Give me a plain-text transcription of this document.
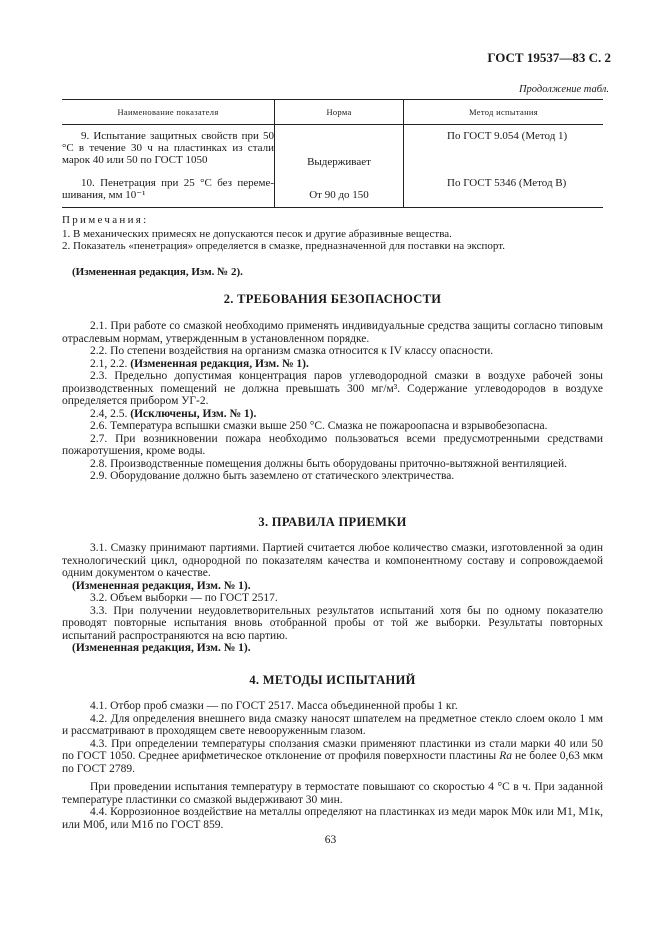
ГОСТ 19537—83 С. 2
Продолжение табл.
Наименование показателя	Норма	Метод испытания

9. Испытание защитных свойств при 50 °С в течение 30 ч на пластинках из стали марок 40 или 50 по ГОСТ 1050	Выдерживает	По ГОСТ 9.054 (Метод 1)

10. Пенетрация при 25 °С без переме-шивания, мм 10⁻¹	От 90 до 150	По ГОСТ 5346 (Метод В)
Примечания:
1. В механических примесях не допускаются песок и другие абразивные вещества.
2. Показатель «пенетрация» определяется в смазке, предназначенной для поставки на экспорт.
(Измененная редакция, Изм. № 2).
2. ТРЕБОВАНИЯ БЕЗОПАСНОСТИ

2.1. При работе со смазкой необходимо применять индивидуальные средства защиты согласно типовым отраслевым нормам, утвержденным в установленном порядке.

2.2. По степени воздействия на организм смазка относится к IV классу опасности.

2.1, 2.2. (Измененная редакция, Изм. № 1).

2.3. Предельно допустимая концентрация паров углеводородной смазки в воздухе рабочей зоны производственных помещений не должна превышать 300 мг/м³. Содержание углеводородов в воздухе определяется прибором УГ-2.

2.4, 2.5. (Исключены, Изм. № 1).

2.6. Температура вспышки смазки выше 250 °С. Смазка не пожароопасна и взрывобезопасна.

2.7. При возникновении пожара необходимо пользоваться всеми предусмотренными средствами пожаротушения, кроме воды.

2.8. Производственные помещения должны быть оборудованы приточно-вытяжной вентиляцией.

2.9. Оборудование должно быть заземлено от статического электричества.

3. ПРАВИЛА ПРИЕМКИ

3.1. Смазку принимают партиями. Партией считается любое количество смазки, изготовленной за один технологический цикл, однородной по показателям качества и компонентному составу и сопровождаемой одним документом о качестве.

(Измененная редакция, Изм. № 1).

3.2. Объем выборки — по ГОСТ 2517.

3.3. При получении неудовлетворительных результатов испытаний хотя бы по одному показателю проводят повторные испытания вновь отобранной пробы от той же выборки. Результаты повторных испытаний распространяются на всю партию.

(Измененная редакция, Изм. № 1).

4. МЕТОДЫ ИСПЫТАНИЙ

4.1. Отбор проб смазки — по ГОСТ 2517. Масса объединенной пробы 1 кг.

4.2. Для определения внешнего вида смазку наносят шпателем на предметное стекло слоем около 1 мм и рассматривают в проходящем свете невооруженным глазом.

4.3. При определении температуры сползания смазки применяют пластинки из стали марки 40 или 50 по ГОСТ 1050. Среднее арифметическое отклонение от профиля поверхности пластины Ra не более 0,63 мкм по ГОСТ 2789.

При проведении испытания температуру в термостате повышают со скоростью 4 °С в ч. При заданной температуре пластинки со смазкой выдерживают 30 мин.

4.4. Коррозионное воздействие на металлы определяют на пластинках из меди марок М0к или М1, М1к, или М0б, или М1б по ГОСТ 859.

63
